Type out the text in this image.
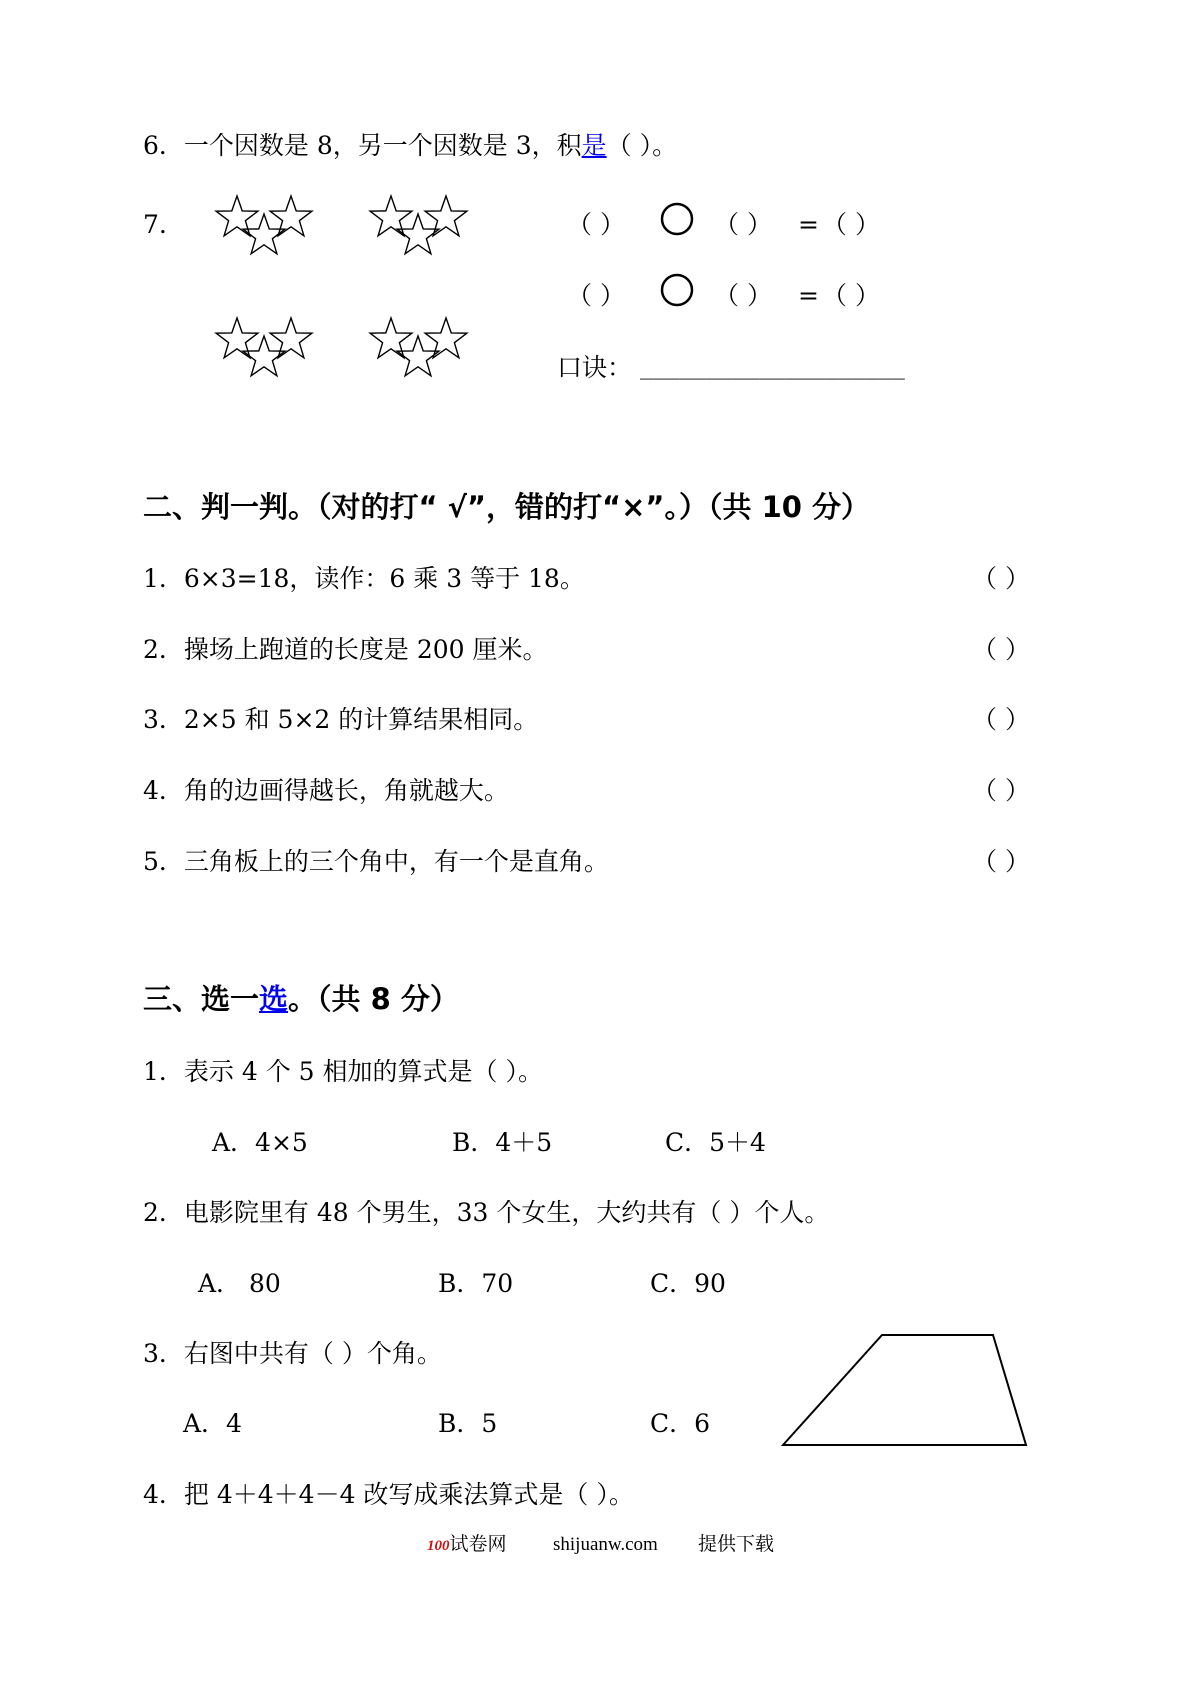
6．一个因数是 8，另一个因数是 3，积是（ ）。
7.	（ ）	（ ） = （ ）
（ ）	（ ） = （ ）
口诀： ____________________
二、判一判。（对的打“ √”，错的打“×”。）（共 10 分）
1．6×3=18，读作：6 乘 3 等于 18。	（ ）
2．操场上跑道的长度是 200 厘米。	（ ）
3．2×5 和 5×2 的计算结果相同。	（ ）
4．角的边画得越长，角就越大。	（ ）
5．三角板上的三个角中，有一个是直角。	（ ）
三、选一选。（共 8 分）
1．表示 4 个 5 相加的算式是（ ）。
A．4×5	B．4＋5	C．5＋4
2．电影院里有 48 个男生，33 个女生，大约共有（ ）个人。
A． 80	B．70	C．90
3．右图中共有（ ）个角。
A．4	B．5	C．6
4．把 4＋4＋4－4 改写成乘法算式是（ ）。
100试卷网 shijuanw.com 提供下载
